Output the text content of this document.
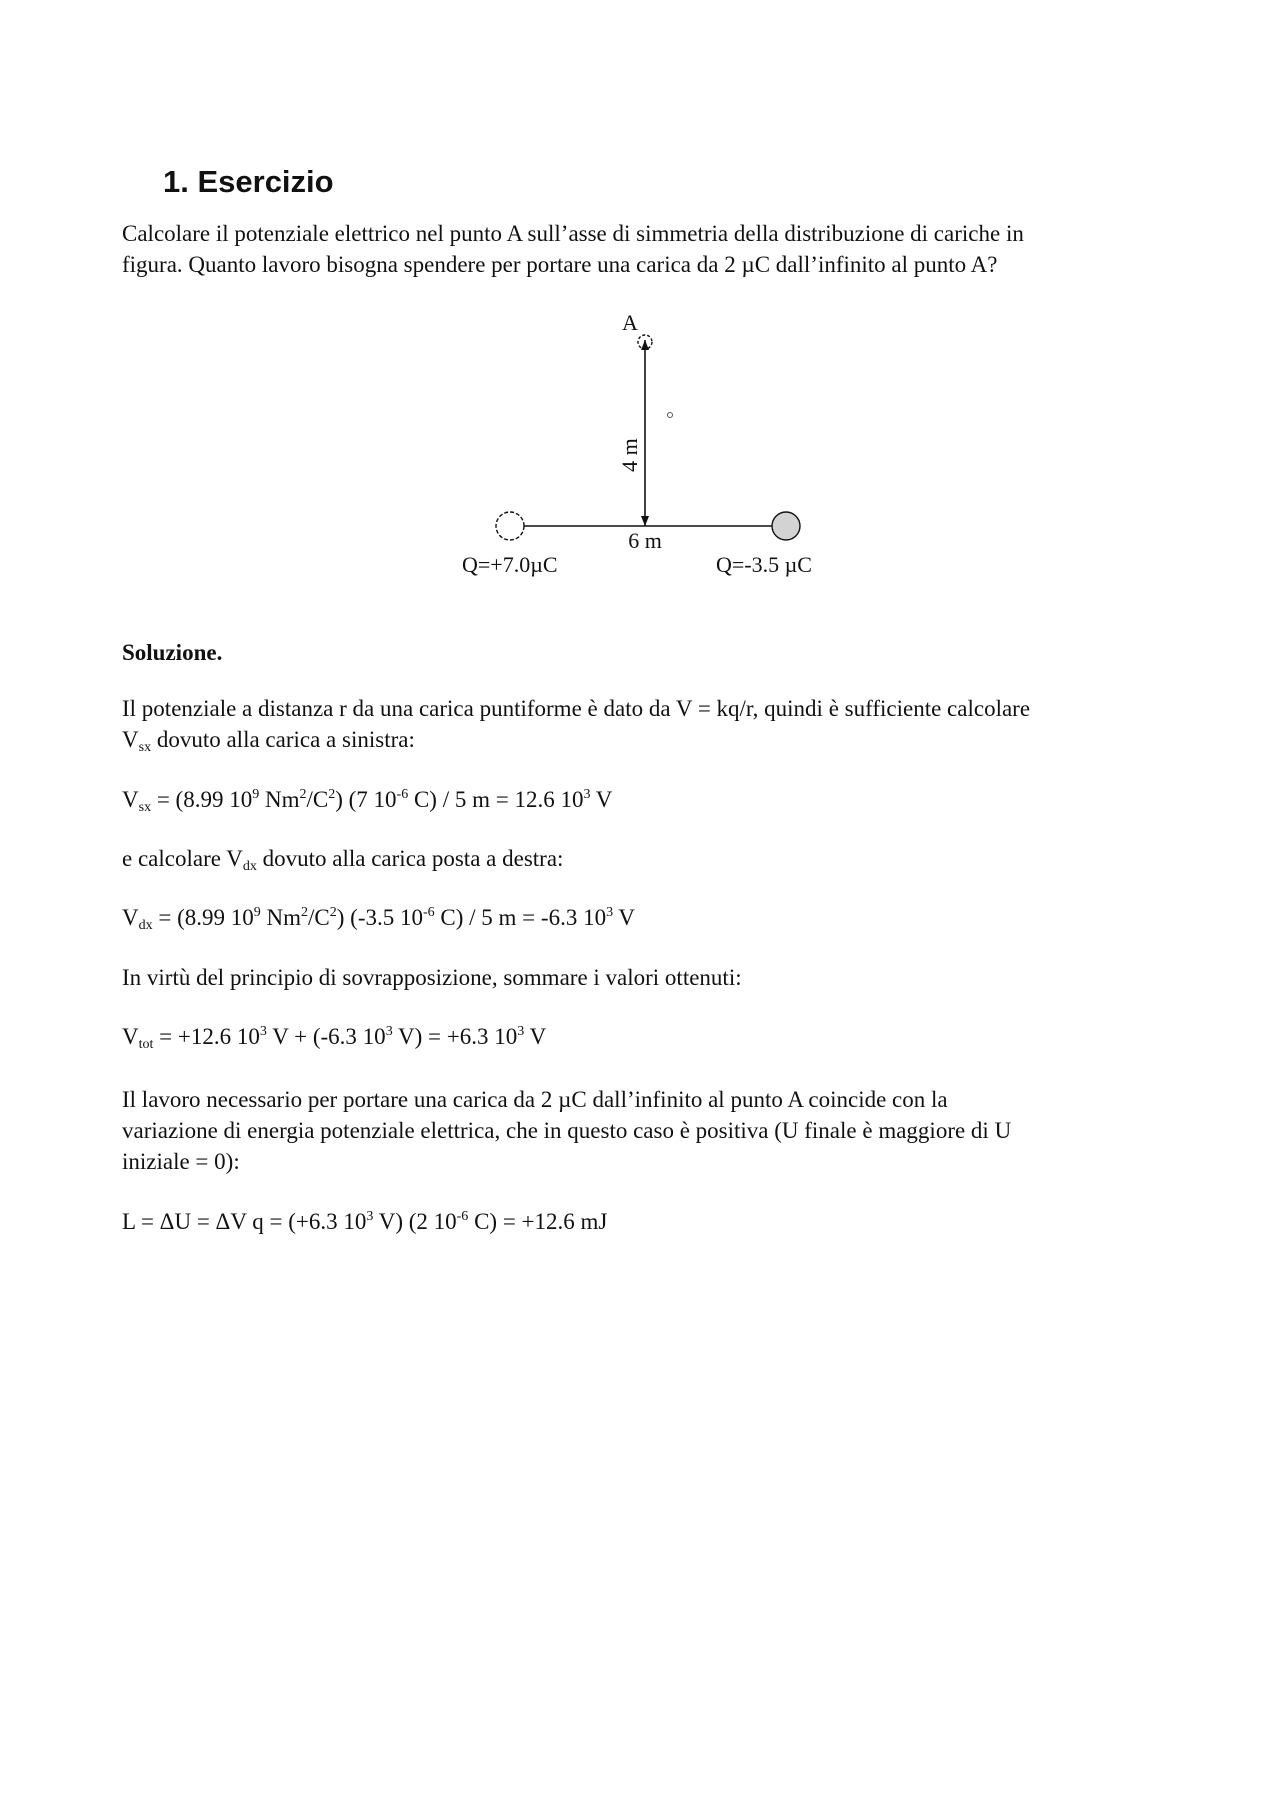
1. Esercizio

Calcolare il potenziale elettrico nel punto A sull’asse di simmetria della distribuzione di cariche in
figura. Quanto lavoro bisogna spendere per portare una carica da 2 µC dall’infinito al punto A?

A
4 m
6 m
Q=+7.0µC	Q=-3.5 µC

Soluzione.

Il potenziale a distanza r da una carica puntiforme è dato da V = kq/r, quindi è sufficiente calcolare
$V_{sx}$ dovuto alla carica a sinistra:

$V_{sx} = (8.99$ $10^9$ $Nm^2/C^2$) (7 $10^{-6}$ C) / 5 m = 12.6 $10^3$ V

e calcolare $V_{dx}$ dovuto alla carica posta a destra:

$V_{dx} = (8.99$ $10^9$ $Nm^2/C^2$) (-3.5 $10^{-6}$ C) / 5 m = -6.3 $10^3$ V

In virtù del principio di sovrapposizione, sommare i valori ottenuti:

$V_{tot} = +12.6$ $10^3$ V + (-6.3 $10^3$ V) = +6.3 $10^3$ V

Il lavoro necessario per portare una carica da 2 µC dall’infinito al punto A coincide con la
variazione di energia potenziale elettrica, che in questo caso è positiva (U finale è maggiore di U
iniziale = 0):

L = ΔU = ΔV q = (+6.3 $10^3$ V) (2 $10^{-6}$ C) = +12.6 mJ
